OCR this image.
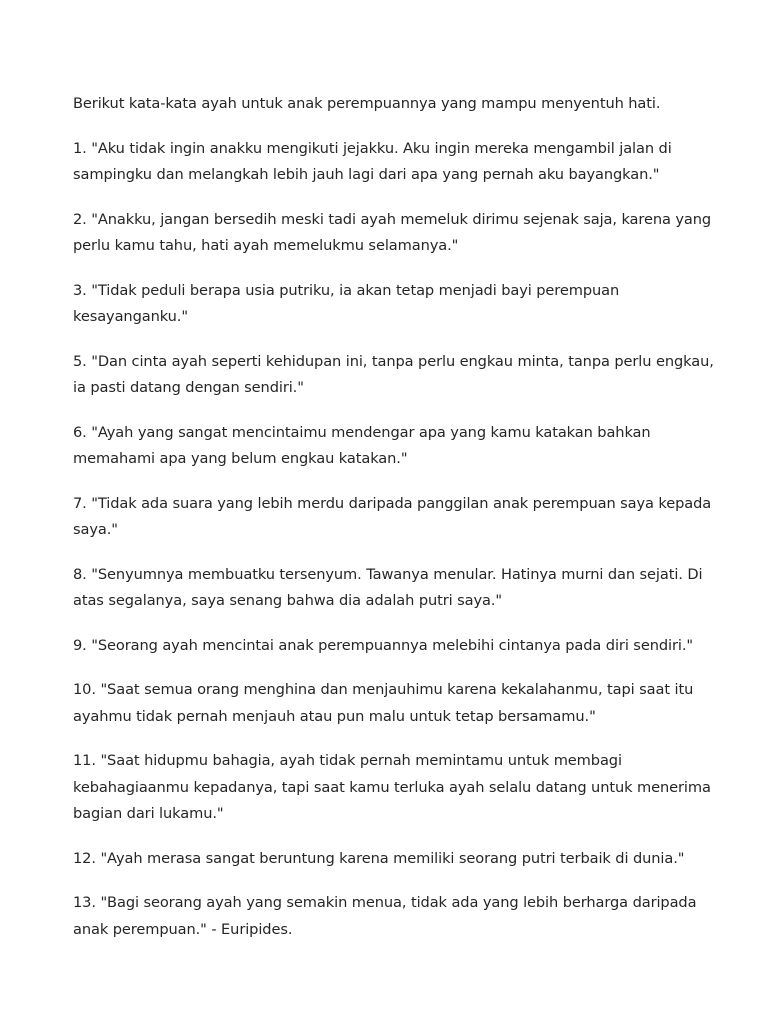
Berikut kata-kata ayah untuk anak perempuannya yang mampu menyentuh hati.

1. "Aku tidak ingin anakku mengikuti jejakku. Aku ingin mereka mengambil jalan di sampingku dan melangkah lebih jauh lagi dari apa yang pernah aku bayangkan."

2. "Anakku, jangan bersedih meski tadi ayah memeluk dirimu sejenak saja, karena yang perlu kamu tahu, hati ayah memelukmu selamanya."

3. "Tidak peduli berapa usia putriku, ia akan tetap menjadi bayi perempuan kesayanganku."

5. "Dan cinta ayah seperti kehidupan ini, tanpa perlu engkau minta, tanpa perlu engkau, ia pasti datang dengan sendiri."

6. "Ayah yang sangat mencintaimu mendengar apa yang kamu katakan bahkan memahami apa yang belum engkau katakan."

7. "Tidak ada suara yang lebih merdu daripada panggilan anak perempuan saya kepada saya."

8. "Senyumnya membuatku tersenyum. Tawanya menular. Hatinya murni dan sejati. Di atas segalanya, saya senang bahwa dia adalah putri saya."

9. "Seorang ayah mencintai anak perempuannya melebihi cintanya pada diri sendiri."

10. "Saat semua orang menghina dan menjauhimu karena kekalahanmu, tapi saat itu ayahmu tidak pernah menjauh atau pun malu untuk tetap bersamamu."

11. "Saat hidupmu bahagia, ayah tidak pernah memintamu untuk membagi kebahagiaanmu kepadanya, tapi saat kamu terluka ayah selalu datang untuk menerima bagian dari lukamu."

12. "Ayah merasa sangat beruntung karena memiliki seorang putri terbaik di dunia."

13. "Bagi seorang ayah yang semakin menua, tidak ada yang lebih berharga daripada anak perempuan." - Euripides.
